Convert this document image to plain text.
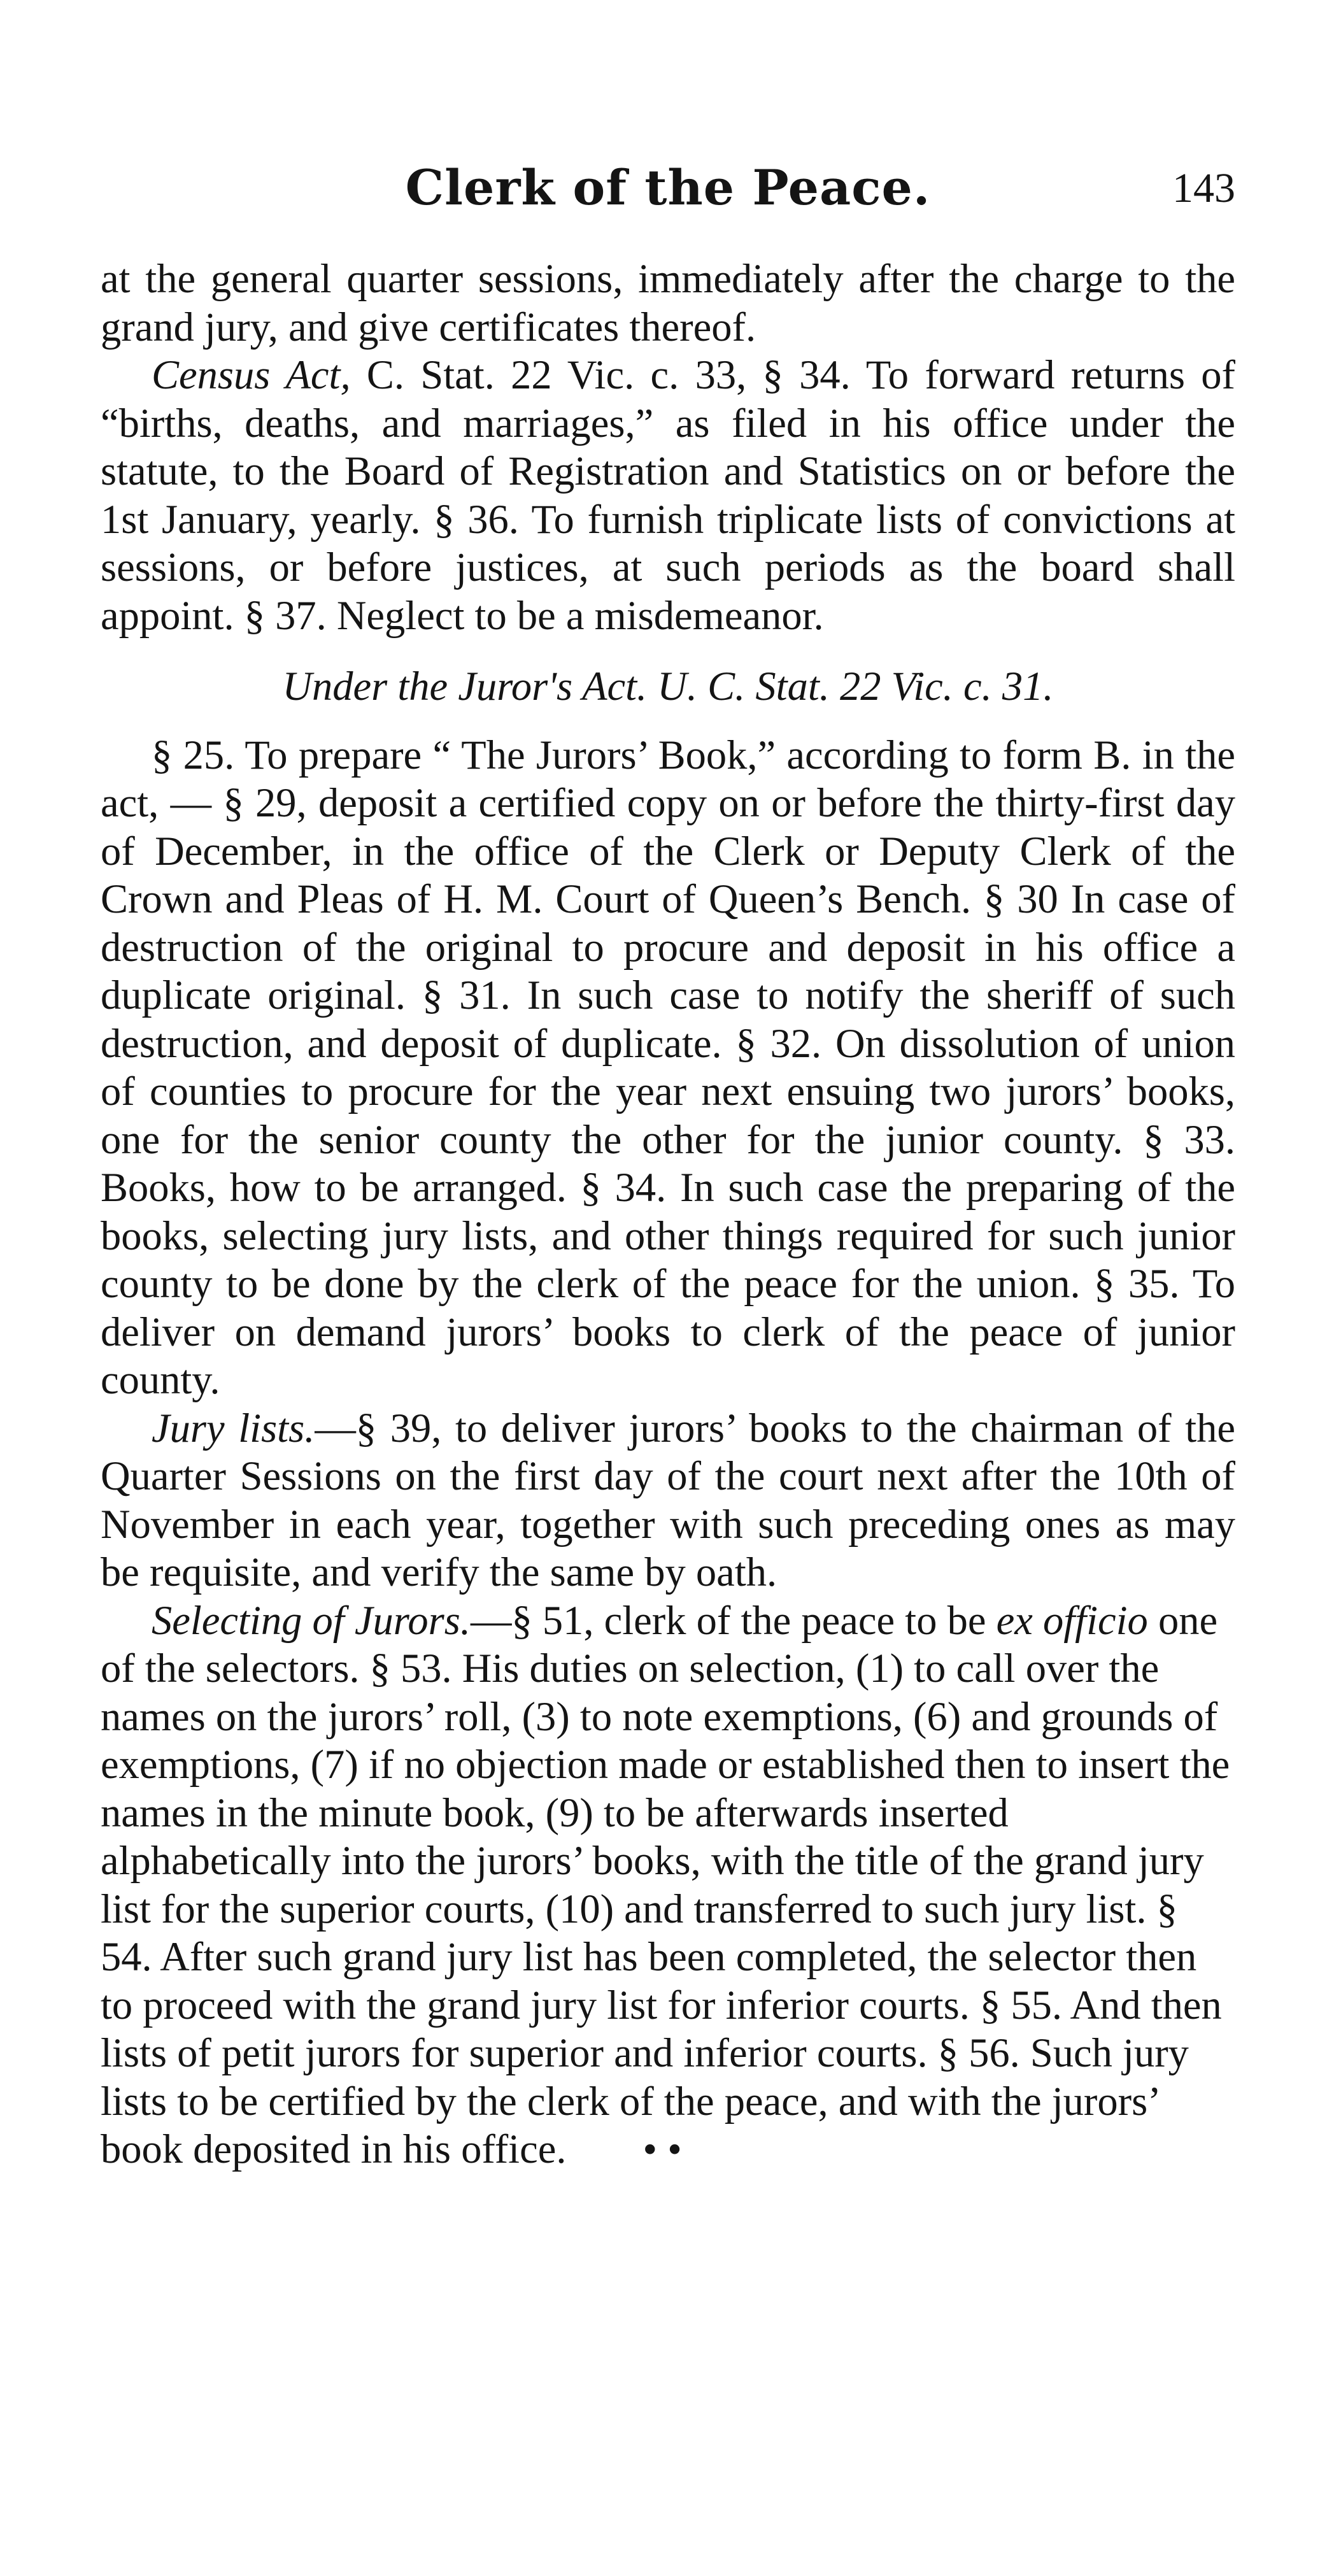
Clerk of the Peace.	143

at the general quarter sessions, immediately after the charge to the grand jury, and give certificates thereof.

Census Act, C. Stat. 22 Vic. c. 33, § 34. To forward returns of “births, deaths, and marriages,” as filed in his office under the statute, to the Board of Registration and Statistics on or before the 1st January, yearly. § 36. To furnish triplicate lists of convictions at sessions, or before justices, at such periods as the board shall appoint. § 37. Neglect to be a misdemeanor.

Under the Juror's Act. U. C. Stat. 22 Vic. c. 31.

§ 25. To prepare “ The Jurors’ Book,” according to form B. in the act, — § 29, deposit a certified copy on or before the thirty-first day of December, in the office of the Clerk or Deputy Clerk of the Crown and Pleas of H. M. Court of Queen’s Bench. § 30 In case of destruction of the original to procure and deposit in his office a duplicate original. § 31. In such case to notify the sheriff of such destruction, and deposit of duplicate. § 32. On dissolution of union of counties to procure for the year next ensuing two jurors’ books, one for the senior county the other for the junior county. § 33. Books, how to be arranged. § 34. In such case the preparing of the books, selecting jury lists, and other things required for such junior county to be done by the clerk of the peace for the union. § 35. To deliver on demand jurors’ books to clerk of the peace of junior county.

Jury lists.—§ 39, to deliver jurors’ books to the chairman of the Quarter Sessions on the first day of the court next after the 10th of November in each year, together with such preceding ones as may be requisite, and verify the same by oath.

Selecting of Jurors.—§ 51, clerk of the peace to be ex officio one of the selectors. § 53. His duties on selection, (1) to call over the names on the jurors’ roll, (3) to note exemptions, (6) and grounds of exemptions, (7) if no objection made or established then to insert the names in the minute book, (9) to be afterwards inserted alphabetically into the jurors’ books, with the title of the grand jury list for the superior courts, (10) and transferred to such jury list. § 54. After such grand jury list has been completed, the selector then to proceed with the grand jury list for inferior courts. § 55. And then lists of petit jurors for superior and inferior courts. § 56. Such jury lists to be certified by the clerk of the peace, and with the jurors’ book deposited in his office. • •
